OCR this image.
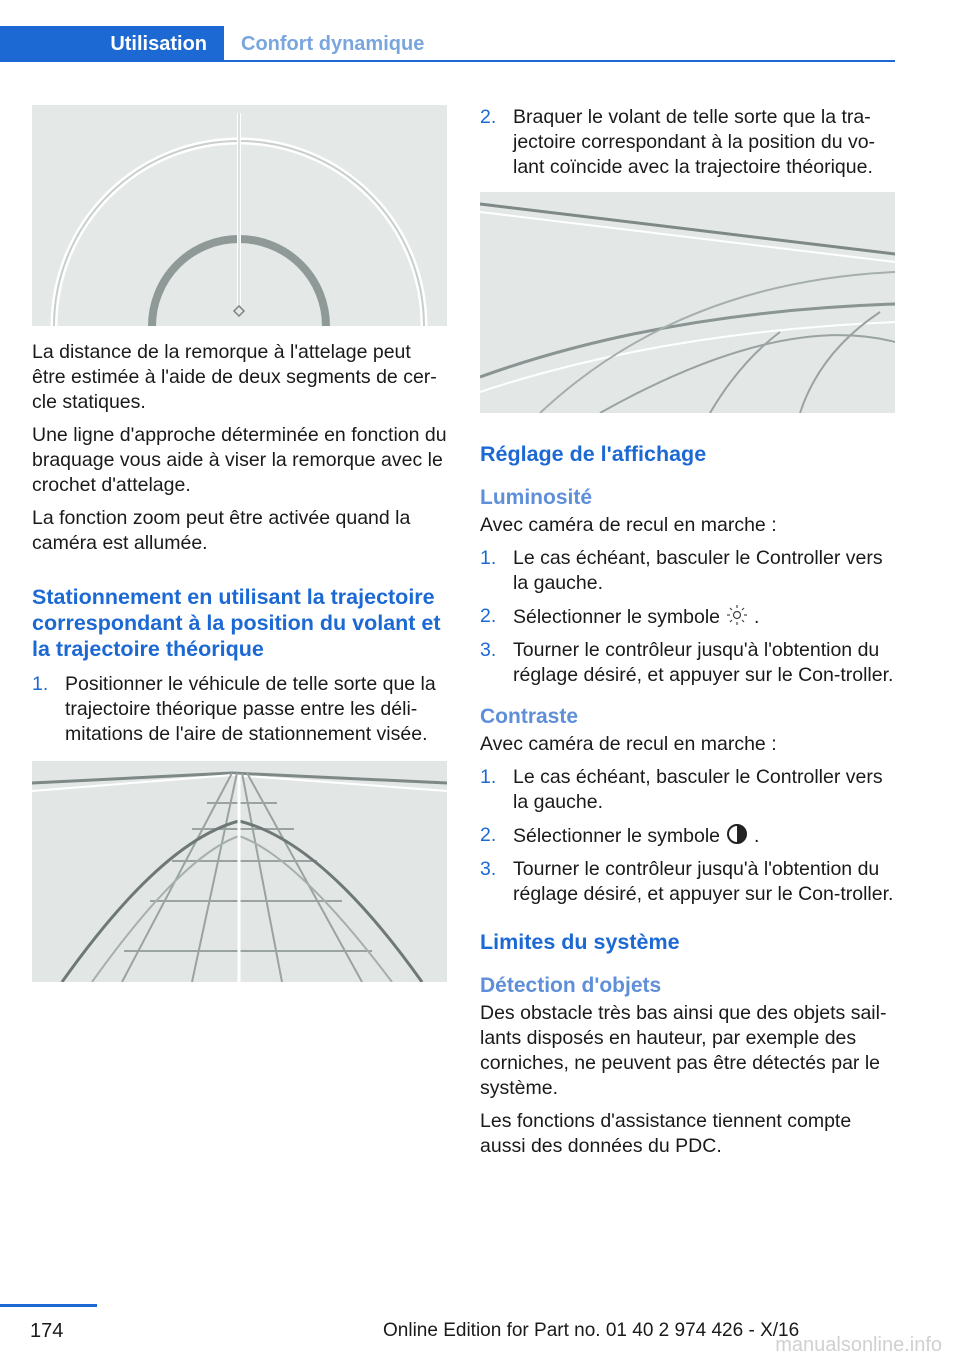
Utilisation	Confort dynamique

La distance de la remorque à l'attelage peut être estimée à l'aide de deux segments de cer-cle statiques.

Une ligne d'approche déterminée en fonction du braquage vous aide à viser la remorque avec le crochet d'attelage.

La fonction zoom peut être activée quand la caméra est allumée.

Stationnement en utilisant la trajectoire correspondant à la position du volant et la trajectoire théorique
1. Positionner le véhicule de telle sorte que la trajectoire théorique passe entre les déli-mitations de l'aire de stationnement visée.
2. Braquer le volant de telle sorte que la tra-jectoire correspondant à la position du vo-lant coïncide avec la trajectoire théorique.
Réglage de l'affichage
Luminosité

Avec caméra de recul en marche :

1. Le cas échéant, basculer le Controller vers la gauche.
2. Sélectionner le symbole .
3. Tourner le contrôleur jusqu'à l'obtention du réglage désiré, et appuyer sur le Con-troller.
Contraste

Avec caméra de recul en marche :

1. Le cas échéant, basculer le Controller vers la gauche.
2. Sélectionner le symbole .
3. Tourner le contrôleur jusqu'à l'obtention du réglage désiré, et appuyer sur le Con-troller.
Limites du système
Détection d'objets

Des obstacle très bas ainsi que des objets sail-lants disposés en hauteur, par exemple des corniches, ne peuvent pas être détectés par le système.

Les fonctions d'assistance tiennent compte aussi des données du PDC.

174	Online Edition for Part no. 01 40 2 974 426 - X/16
manualsonline.info
